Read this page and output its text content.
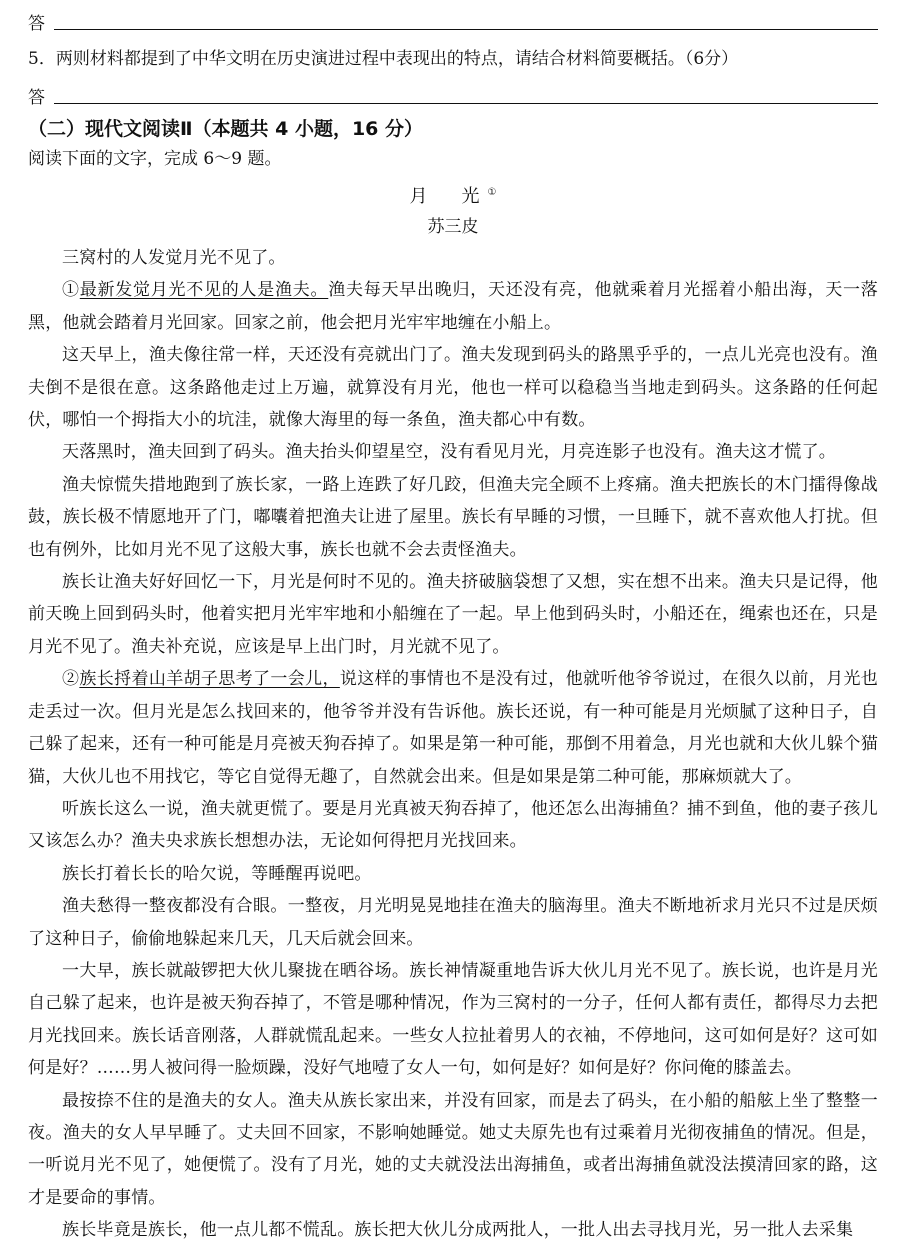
答
5．两则材料都提到了中华文明在历史演进过程中表现出的特点，请结合材料简要概括。（6分）
答
（二）现代文阅读Ⅱ（本题共 4 小题，16 分）
阅读下面的文字，完成 6～9 题。
月　光①
苏三皮

三窝村的人发觉月光不见了。

①最新发觉月光不见的人是渔夫。渔夫每天早出晚归，天还没有亮，他就乘着月光摇着小船出海，天一落黑，他就会踏着月光回家。回家之前，他会把月光牢牢地缠在小船上。

这天早上，渔夫像往常一样，天还没有亮就出门了。渔夫发现到码头的路黑乎乎的，一点儿光亮也没有。渔夫倒不是很在意。这条路他走过上万遍，就算没有月光，他也一样可以稳稳当当地走到码头。这条路的任何起伏，哪怕一个拇指大小的坑洼，就像大海里的每一条鱼，渔夫都心中有数。

天落黑时，渔夫回到了码头。渔夫抬头仰望星空，没有看见月光，月亮连影子也没有。渔夫这才慌了。

渔夫惊慌失措地跑到了族长家，一路上连跌了好几跤，但渔夫完全顾不上疼痛。渔夫把族长的木门擂得像战鼓，族长极不情愿地开了门，嘟囔着把渔夫让进了屋里。族长有早睡的习惯，一旦睡下，就不喜欢他人打扰。但也有例外，比如月光不见了这般大事，族长也就不会去责怪渔夫。

族长让渔夫好好回忆一下，月光是何时不见的。渔夫挤破脑袋想了又想，实在想不出来。渔夫只是记得，他前天晚上回到码头时，他着实把月光牢牢地和小船缠在了一起。早上他到码头时，小船还在，绳索也还在，只是月光不见了。渔夫补充说，应该是早上出门时，月光就不见了。

②族长捋着山羊胡子思考了一会儿，说这样的事情也不是没有过，他就听他爷爷说过，在很久以前，月光也走丢过一次。但月光是怎么找回来的，他爷爷并没有告诉他。族长还说，有一种可能是月光烦腻了这种日子，自己躲了起来，还有一种可能是月亮被天狗吞掉了。如果是第一种可能，那倒不用着急，月光也就和大伙儿躲个猫猫，大伙儿也不用找它，等它自觉得无趣了，自然就会出来。但是如果是第二种可能，那麻烦就大了。

听族长这么一说，渔夫就更慌了。要是月光真被天狗吞掉了，他还怎么出海捕鱼？捕不到鱼，他的妻子孩儿又该怎么办？渔夫央求族长想想办法，无论如何得把月光找回来。

族长打着长长的哈欠说，等睡醒再说吧。

渔夫愁得一整夜都没有合眼。一整夜，月光明晃晃地挂在渔夫的脑海里。渔夫不断地祈求月光只不过是厌烦了这种日子，偷偷地躲起来几天，几天后就会回来。

一大早，族长就敲锣把大伙儿聚拢在晒谷场。族长神情凝重地告诉大伙儿月光不见了。族长说，也许是月光自己躲了起来，也许是被天狗吞掉了，不管是哪种情况，作为三窝村的一分子，任何人都有责任，都得尽力去把月光找回来。族长话音刚落，人群就慌乱起来。一些女人拉扯着男人的衣袖，不停地问，这可如何是好？这可如何是好？……男人被问得一脸烦躁，没好气地噎了女人一句，如何是好？如何是好？你问俺的膝盖去。

最按捺不住的是渔夫的女人。渔夫从族长家出来，并没有回家，而是去了码头，在小船的船舷上坐了整整一夜。渔夫的女人早早睡了。丈夫回不回家，不影响她睡觉。她丈夫原先也有过乘着月光彻夜捕鱼的情况。但是，一听说月光不见了，她便慌了。没有了月光，她的丈夫就没法出海捕鱼，或者出海捕鱼就没法摸清回家的路，这才是要命的事情。

族长毕竟是族长，他一点儿都不慌乱。族长把大伙儿分成两批人，一批人出去寻找月光，另一批人去采集
